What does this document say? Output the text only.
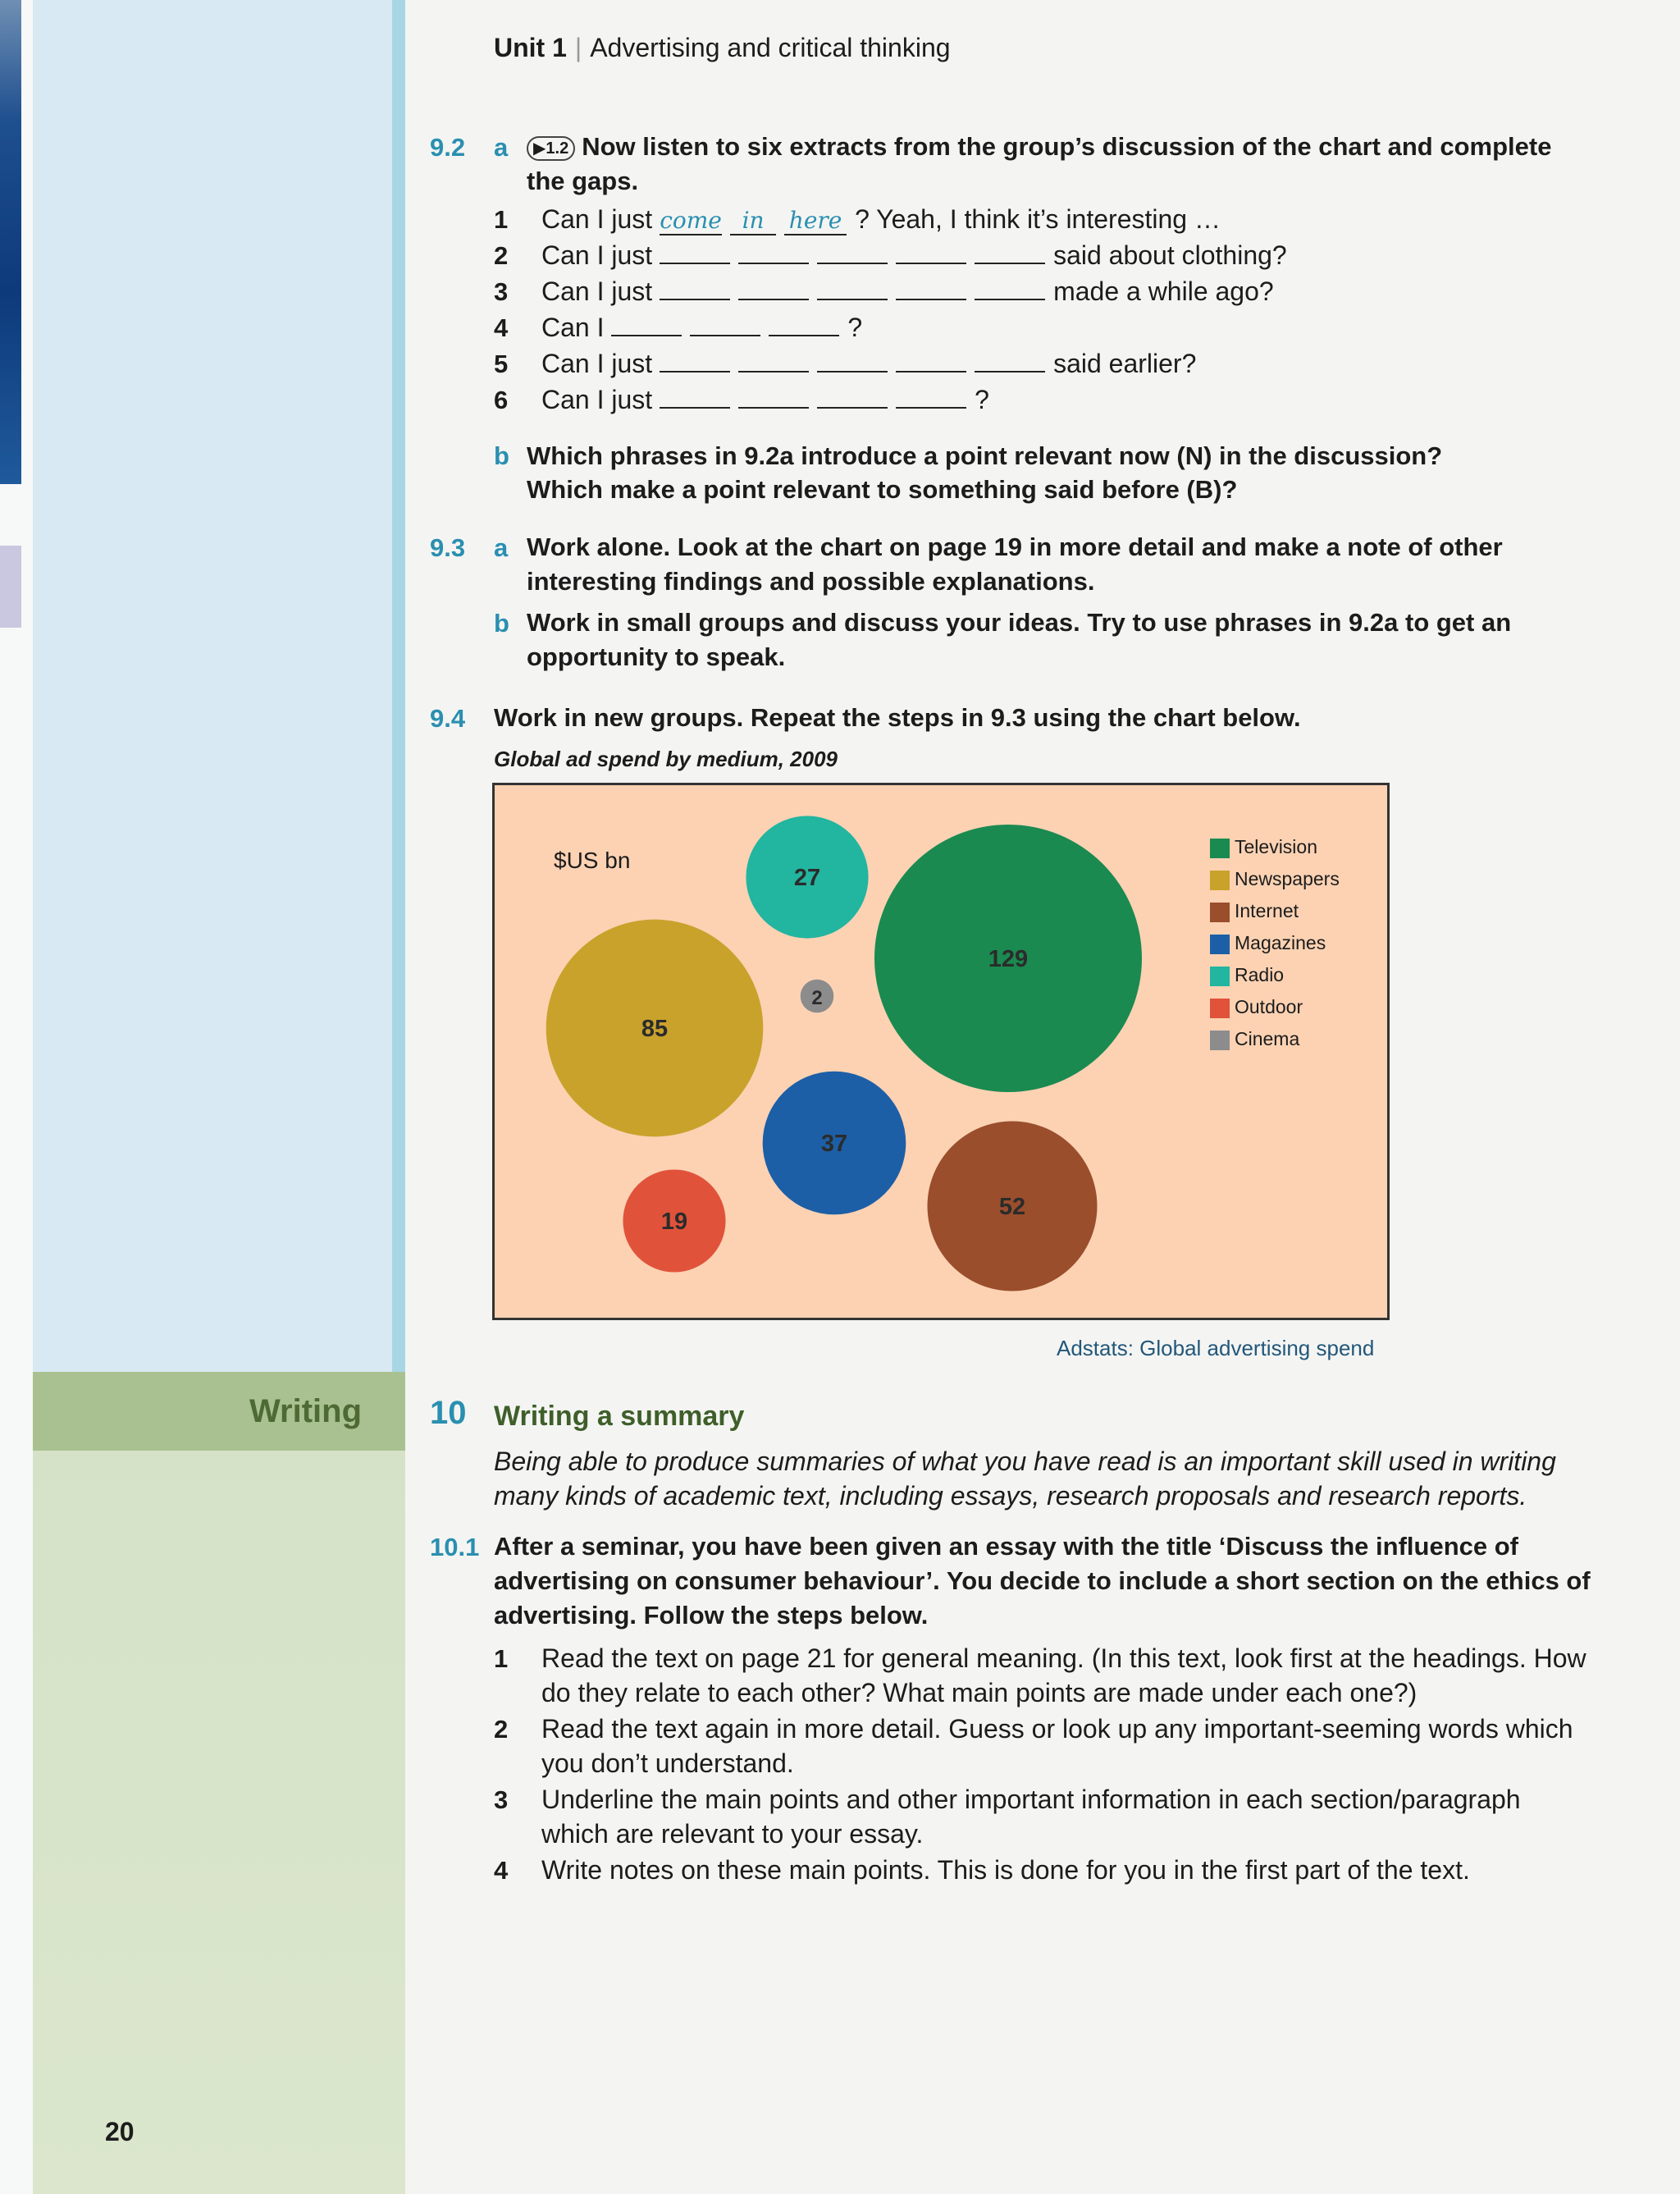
Writing
20
Unit 1 | Advertising and critical thinking
9.2 a	▶︎1.2 Now listen to six extracts from the group’s discussion of the chart and complete
the gaps.
1 Can I just come in here ? Yeah, I think it’s interesting …
2 Can I just	said about clothing?
3 Can I just	made a while ago?
4 Can I	?
5 Can I just	said earlier?
6 Can I just	?
b Which phrases in 9.2a introduce a point relevant now (N) in the discussion?
Which make a point relevant to something said before (B)?
9.3 a Work alone. Look at the chart on page 19 in more detail and make a note of other
interesting findings and possible explanations.
b Work in small groups and discuss your ideas. Try to use phrases in 9.2a to get an
opportunity to speak.
9.4 Work in new groups. Repeat the steps in 9.3 using the chart below.
Global ad spend by medium, 2009
129
85
52
37
27
19
2
$US bn
Television
Newspapers
Internet
Magazines
Radio
Outdoor
Cinema
Adstats: Global advertising spend
10 Writing a summary
Being able to produce summaries of what you have read is an important skill used in writing
many kinds of academic text, including essays, research proposals and research reports.
10.1 After a seminar, you have been given an essay with the title ‘Discuss the influence of
advertising on consumer behaviour’. You decide to include a short section on the ethics of
advertising. Follow the steps below.
1 Read the text on page 21 for general meaning. (In this text, look first at the headings. How
do they relate to each other? What main points are made under each one?)
2 Read the text again in more detail. Guess or look up any important-seeming words which
you don’t understand.
3 Underline the main points and other important information in each section/paragraph
which are relevant to your essay.
4 Write notes on these main points. This is done for you in the first part of the text.
